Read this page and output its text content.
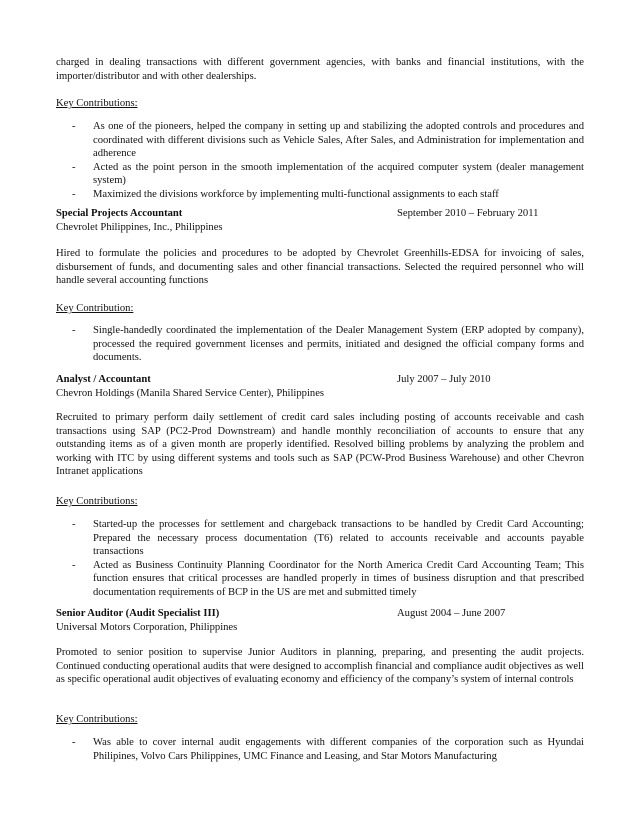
charged in dealing transactions with different government agencies, with banks and financial institutions, with the importer/distributor and with other dealerships.

Key Contributions:

- As one of the pioneers, helped the company in setting up and stabilizing the adopted controls and procedures and coordinated with different divisions such as Vehicle Sales, After Sales, and Administration for implementation and adherence
- Acted as the point person in the smooth implementation of the acquired computer system (dealer management system)
- Maximized the divisions workforce by implementing multi-functional assignments to each staff
Special Projects Accountant	September 2010 – February 2011

Chevrolet Philippines, Inc., Philippines

Hired to formulate the policies and procedures to be adopted by Chevrolet Greenhills-EDSA for invoicing of sales, disbursement of funds, and documenting sales and other financial transactions. Selected the required personnel who will handle several accounting functions

Key Contribution:

- Single-handedly coordinated the implementation of the Dealer Management System (ERP adopted by company), processed the required government licenses and permits, initiated and designed the official company forms and documents.
Analyst / Accountant	July 2007 – July 2010

Chevron Holdings (Manila Shared Service Center), Philippines

Recruited to primary perform daily settlement of credit card sales including posting of accounts receivable and cash transactions using SAP (PC2-Prod Downstream) and handle monthly reconciliation of accounts to ensure that any outstanding items as of a given month are properly identified. Resolved billing problems by analyzing the problem and working with ITC by using different systems and tools such as SAP (PCW-Prod Business Warehouse) and other Chevron Intranet applications

Key Contributions:

- Started-up the processes for settlement and chargeback transactions to be handled by Credit Card Accounting; Prepared the necessary process documentation (T6) related to accounts receivable and accounts payable transactions
- Acted as Business Continuity Planning Coordinator for the North America Credit Card Accounting Team; This function ensures that critical processes are handled properly in times of business disruption and that prescribed documentation requirements of BCP in the US are met and submitted timely
Senior Auditor (Audit Specialist III)	August 2004 – June 2007

Universal Motors Corporation, Philippines

Promoted to senior position to supervise Junior Auditors in planning, preparing, and presenting the audit projects. Continued conducting operational audits that were designed to accomplish financial and compliance audit objectives as well as specific operational audit objectives of evaluating economy and efficiency of the company’s system of internal controls

Key Contributions:

- Was able to cover internal audit engagements with different companies of the corporation such as Hyundai Philipines, Volvo Cars Philippines, UMC Finance and Leasing, and Star Motors Manufacturing
